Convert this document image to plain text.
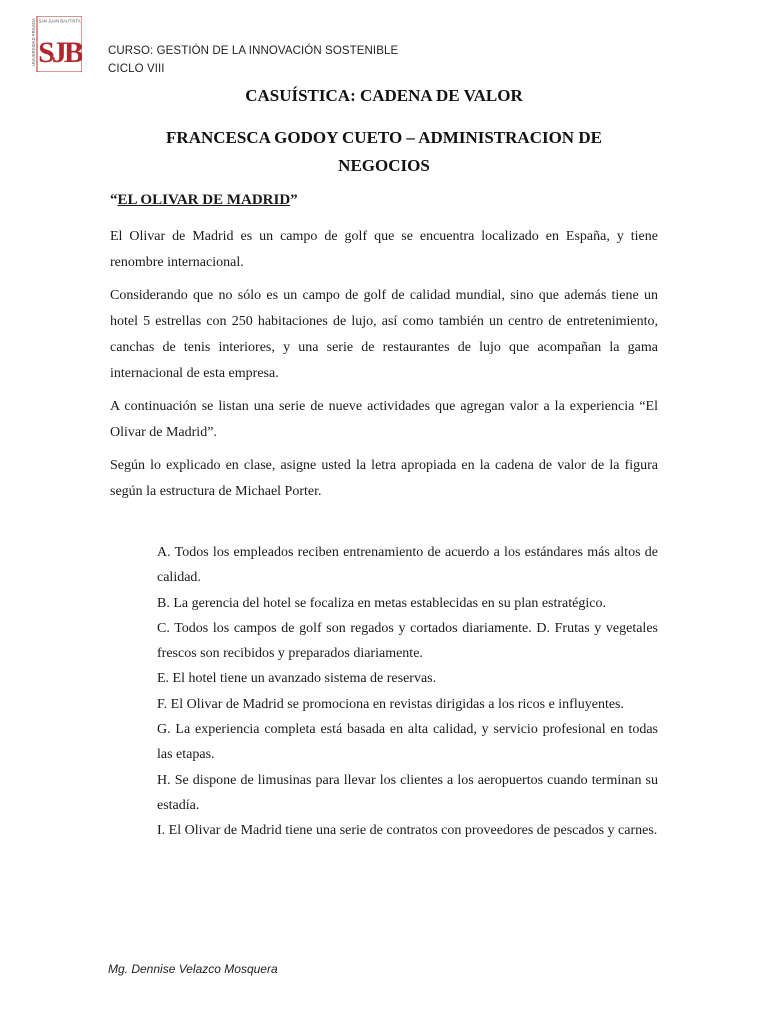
SAN JUAN BAUTISTA
SJB
UNIVERSIDAD PRIVADA	CURSO: GESTIÓN DE LA INNOVACIÓN SOSTENIBLE
CICLO VIII
CASUÍSTICA: CADENA DE VALOR
FRANCESCA GODOY CUETO – ADMINISTRACION DE NEGOCIOS
“EL OLIVAR DE MADRID”

El Olivar de Madrid es un campo de golf que se encuentra localizado en España, y tiene renombre internacional.

Considerando que no sólo es un campo de golf de calidad mundial, sino que además tiene un hotel 5 estrellas con 250 habitaciones de lujo, así como también un centro de entretenimiento, canchas de tenis interiores, y una serie de restaurantes de lujo que acompañan la gama internacional de esta empresa.

A continuación se listan una serie de nueve actividades que agregan valor a la experiencia “El Olivar de Madrid”.

Según lo explicado en clase, asigne usted la letra apropiada en la cadena de valor de la figura según la estructura de Michael Porter.

A. Todos los empleados reciben entrenamiento de acuerdo a los estándares más altos de calidad.
B. La gerencia del hotel se focaliza en metas establecidas en su plan estratégico.
C. Todos los campos de golf son regados y cortados diariamente. D. Frutas y vegetales frescos son recibidos y preparados diariamente.
E. El hotel tiene un avanzado sistema de reservas.
F. El Olivar de Madrid se promociona en revistas dirigidas a los ricos e influyentes.
G. La experiencia completa está basada en alta calidad, y servicio profesional en todas las etapas.
H. Se dispone de limusinas para llevar los clientes a los aeropuertos cuando terminan su estadía.
I. El Olivar de Madrid tiene una serie de contratos con proveedores de pescados y carnes.
Mg. Dennise Velazco Mosquera
